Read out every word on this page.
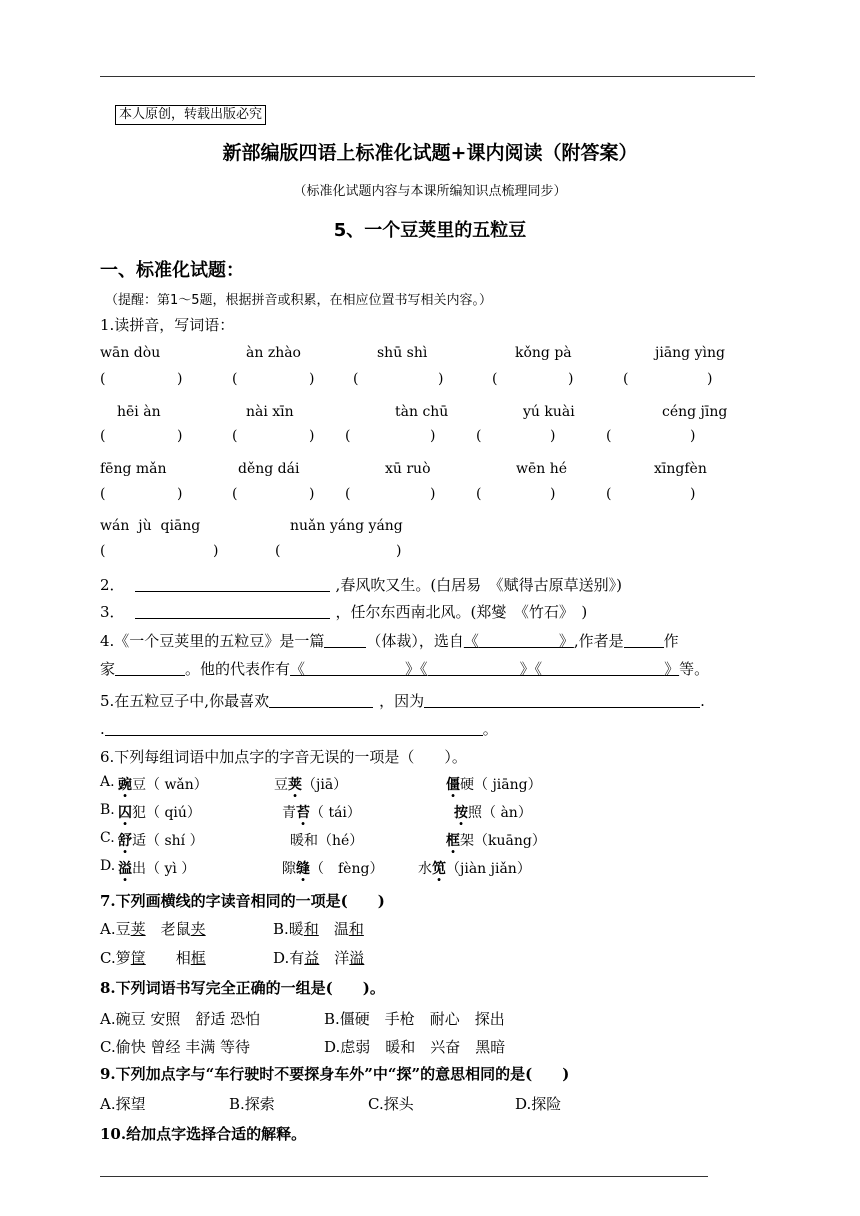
本人原创，转载出版必究
新部编版四语上标准化试题+课内阅读（附答案）
（标准化试题内容与本课所编知识点梳理同步）
5、一个豆荚里的五粒豆
一、标准化试题：
（提醒：第1～5题，根据拼音或积累，在相应位置书写相关内容。）
1.读拼音，写词语：
wān dòu	àn zhào	shū shì	kǒng pà	jiāng yìng
(	)	(	)	(	)	(	)	(	)
hēi àn	nài xīn	tàn chū	yú kuài	céng jīng
(	)	(	) (	)	(	)	(	)
fēng mǎn	děng dái	xū ruò	wēn hé	xīngfèn
(	)	(	) (	)	(	)	(	)
wán  jù  qiāng	nuǎn yáng yáng
(	)	(	)
2．	,春风吹又生。(白居易　《赋得古原草送别》)
3．	，任尔东西南北风。(郑燮　《竹石》　)
4.《一个豆荚里的五粒豆》是一篇	（体裁），选自《	》,作者是	作
家	。他的代表作有《	》《	》《	》等。
5.在五粒豆子中,你最喜欢	，因为	.
.	。
6.下列每组词语中加点字的字音无误的一项是（　　）。
A. 豌豆（ wǎn）	豆荚（jiā）	僵硬（ jiāng）
B. 囚犯（ qiú）	青苔（ tái）	按照（ àn）
C. 舒适（ shí ）	暖和（hé）	框架（kuāng）
D. 溢出（ yì ）	隙缝（　fèng） 水笕（jiàn jiǎn）
7.下列画横线的字读音相同的一项是(　　)
A.豆荚　老鼠夹	B.暖和　温和
C.箩筐　　相框	D.有益　洋溢
8.下列词语书写完全正确的一组是(　　)。
A.碗豆 安照　舒适 恐怕	B.僵硬　手枪　耐心　探出
C.偷快 曾经 丰满 等待	D.虑弱　暖和　兴奋　黑暗
9.下列加点字与“车行驶时不要探身车外”中“探”的意思相同的是(　　)
A.探望	B.探索	C.探头	D.探险
10.给加点字选择合适的解释。
